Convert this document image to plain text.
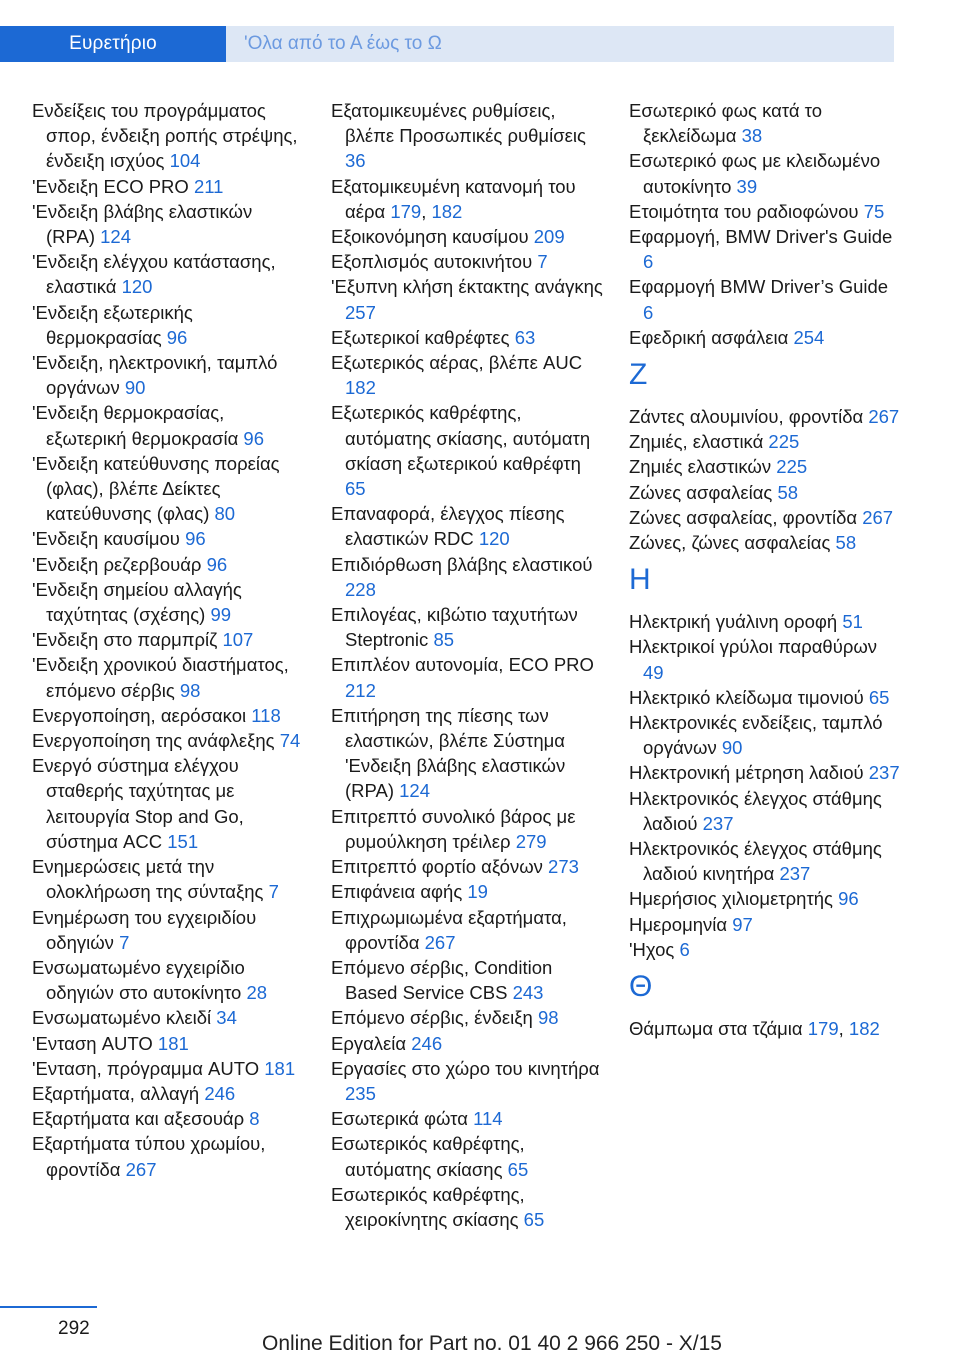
Ευρετήριο	'Ολα από το Α έως το Ω
Ενδείξεις του προγράμματος σπορ, ένδειξη ροπής στρέψης, ένδειξη ισχύος 104
'Ενδειξη ECO PRO 211
'Ενδειξη βλάβης ελαστικών (RPA) 124
'Ενδειξη ελέγχου κατάστασης, ελαστικά 120
'Ενδειξη εξωτερικής θερμοκρασίας 96
'Ενδειξη, ηλεκτρονική, ταμπλό οργάνων 90
'Ενδειξη θερμοκρασίας, εξωτερική θερμοκρασία 96
'Ενδειξη κατεύθυνσης πορείας (φλας), βλέπε Δείκτες κατεύθυνσης (φλας) 80
'Ενδειξη καυσίμου 96
'Ενδειξη ρεζερβουάρ 96
'Ενδειξη σημείου αλλαγής ταχύτητας (σχέσης) 99
'Ενδειξη στο παρμπρίζ 107
'Ενδειξη χρονικού διαστήματος, επόμενο σέρβις 98
Ενεργοποίηση, αερόσακοι 118
Ενεργοποίηση της ανάφλεξης 74
Ενεργό σύστημα ελέγχου σταθερής ταχύτητας με λειτουργία Stop and Go, σύστημα ACC 151
Ενημερώσεις μετά την ολοκλήρωση της σύνταξης 7
Ενημέρωση του εγχειριδίου οδηγιών 7
Ενσωματωμένο εγχειρίδιο οδηγιών στο αυτοκίνητο 28
Ενσωματωμένο κλειδί 34
'Ενταση AUTO 181
'Ενταση, πρόγραμμα AUTO 181
Εξαρτήματα, αλλαγή 246
Εξαρτήματα και αξεσουάρ 8
Εξαρτήματα τύπου χρωμίου, φροντίδα 267
Εξατομικευμένες ρυθμίσεις, βλέπε Προσωπικές ρυθμίσεις 36
Εξατομικευμένη κατανομή του αέρα 179, 182
Εξοικονόμηση καυσίμου 209
Εξοπλισμός αυτοκινήτου 7
'Εξυπνη κλήση έκτακτης ανάγκης 257
Εξωτερικοί καθρέφτες 63
Εξωτερικός αέρας, βλέπε AUC 182
Εξωτερικός καθρέφτης, αυτόματης σκίασης, αυτόματη σκίαση εξωτερικού καθρέφτη 65
Επαναφορά, έλεγχος πίεσης ελαστικών RDC 120
Επιδιόρθωση βλάβης ελαστικού 228
Επιλογέας, κιβώτιο ταχυτήτων Steptronic 85
Επιπλέον αυτονομία, ECO PRO 212
Επιτήρηση της πίεσης των ελαστικών, βλέπε Σύστημα 'Ενδειξη βλάβης ελαστικών (RPA) 124
Επιτρεπτό συνολικό βάρος με ρυμούλκηση τρέιλερ 279
Επιτρεπτό φορτίο αξόνων 273
Επιφάνεια αφής 19
Επιχρωμιωμένα εξαρτήματα, φροντίδα 267
Επόμενο σέρβις, Condition Based Service CBS 243
Επόμενο σέρβις, ένδειξη 98
Εργαλεία 246
Εργασίες στο χώρο του κινητήρα 235
Εσωτερικά φώτα 114
Εσωτερικός καθρέφτης, αυτόματης σκίασης 65
Εσωτερικός καθρέφτης, χειροκίνητης σκίασης 65
Εσωτερικό φως κατά το ξεκλείδωμα 38
Εσωτερικό φως με κλειδωμένο αυτοκίνητο 39
Ετοιμότητα του ραδιοφώνου 75
Εφαρμογή, BMW Driver's Guide 6
Εφαρμογή BMW Driver’s Guide 6
Εφεδρική ασφάλεια 254
Ζ
Ζάντες αλουμινίου, φροντίδα 267
Ζημιές, ελαστικά 225
Ζημιές ελαστικών 225
Ζώνες ασφαλείας 58
Ζώνες ασφαλείας, φροντίδα 267
Ζώνες, ζώνες ασφαλείας 58
Η
Ηλεκτρική γυάλινη οροφή 51
Ηλεκτρικοί γρύλοι παραθύρων 49
Ηλεκτρικό κλείδωμα τιμονιού 65
Ηλεκτρονικές ενδείξεις, ταμπλό οργάνων 90
Ηλεκτρονική μέτρηση λαδιού 237
Ηλεκτρονικός έλεγχος στάθμης λαδιού 237
Ηλεκτρονικός έλεγχος στάθμης λαδιού κινητήρα 237
Ημερήσιος χιλιομετρητής 96
Ημερομηνία 97
'Ηχος 6
Θ
Θάμπωμα στα τζάμια 179, 182
292
Online Edition for Part no. 01 40 2 966 250 - X/15
